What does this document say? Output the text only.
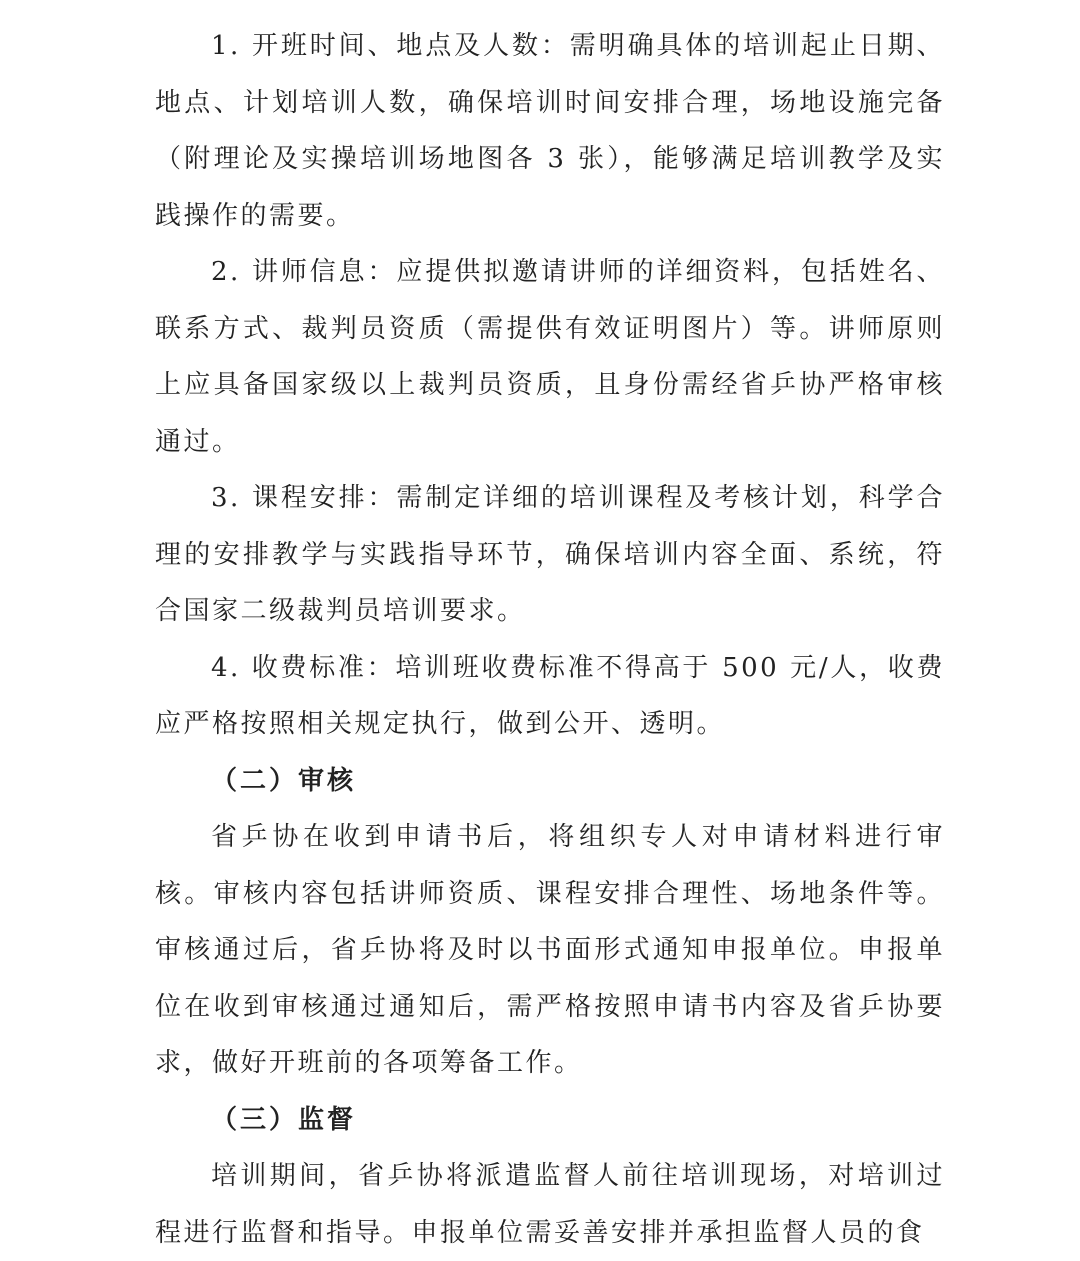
1. 开班时间、地点及人数：需明确具体的培训起止日期、地点、计划培训人数，确保培训时间安排合理，场地设施完备（附理论及实操培训场地图各 3 张），能够满足培训教学及实践操作的需要。

2. 讲师信息：应提供拟邀请讲师的详细资料，包括姓名、联系方式、裁判员资质（需提供有效证明图片）等。讲师原则上应具备国家级以上裁判员资质，且身份需经省乒协严格审核通过。

3. 课程安排：需制定详细的培训课程及考核计划，科学合理的安排教学与实践指导环节，确保培训内容全面、系统，符合国家二级裁判员培训要求。

4. 收费标准：培训班收费标准不得高于 500 元/人，收费应严格按照相关规定执行，做到公开、透明。

（二）审核

省乒协在收到申请书后，将组织专人对申请材料进行审核。审核内容包括讲师资质、课程安排合理性、场地条件等。审核通过后，省乒协将及时以书面形式通知申报单位。申报单位在收到审核通过通知后，需严格按照申请书内容及省乒协要求，做好开班前的各项筹备工作。

（三）监督

培训期间，省乒协将派遣监督人前往培训现场，对培训过程进行监督和指导。申报单位需妥善安排并承担监督人员的食
